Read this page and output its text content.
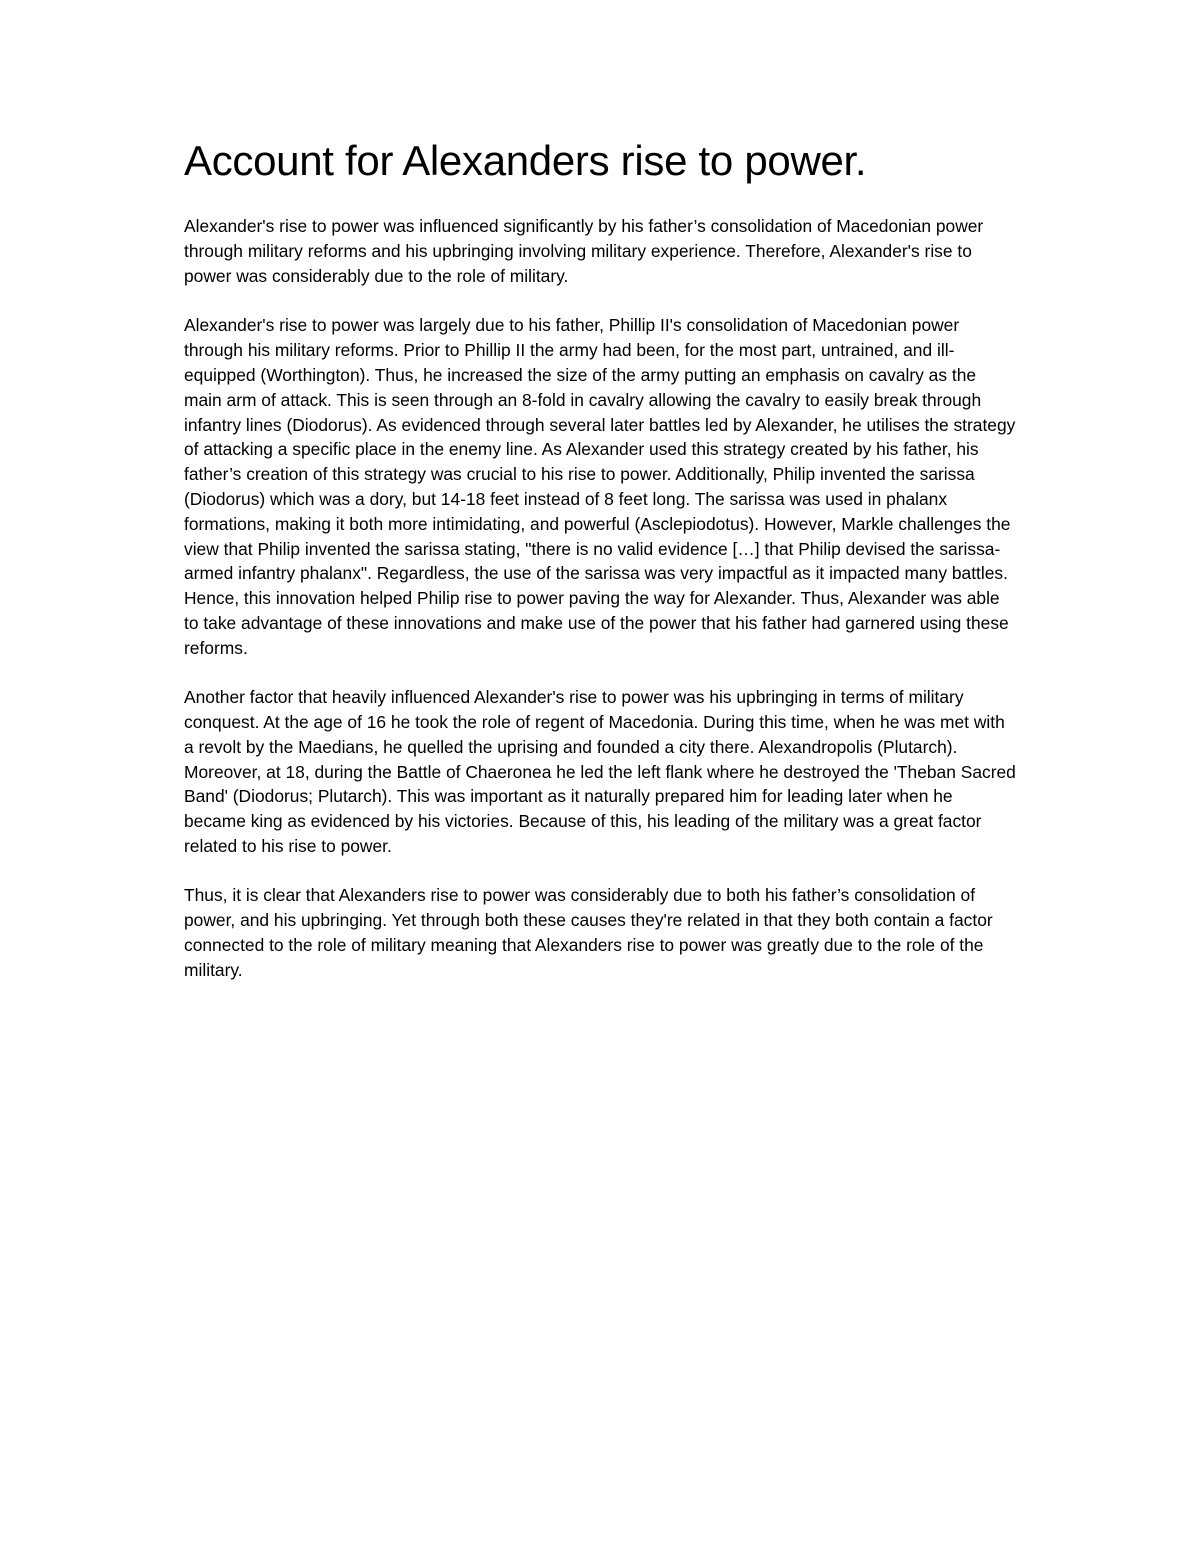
Account for Alexanders rise to power.

Alexander's rise to power was influenced significantly by his father’s consolidation of Macedonian power through military reforms and his upbringing involving military experience. Therefore, Alexander's rise to power was considerably due to the role of military.

Alexander's rise to power was largely due to his father, Phillip II's consolidation of Macedonian power through his military reforms. Prior to Phillip II the army had been, for the most part, untrained, and ill-equipped (Worthington). Thus, he increased the size of the army putting an emphasis on cavalry as the main arm of attack. This is seen through an 8-fold in cavalry allowing the cavalry to easily break through infantry lines (Diodorus). As evidenced through several later battles led by Alexander, he utilises the strategy of attacking a specific place in the enemy line. As Alexander used this strategy created by his father, his father’s creation of this strategy was crucial to his rise to power. Additionally, Philip invented the sarissa (Diodorus) which was a dory, but 14-18 feet instead of 8 feet long. The sarissa was used in phalanx formations, making it both more intimidating, and powerful (Asclepiodotus). However, Markle challenges the view that Philip invented the sarissa stating, "there is no valid evidence […] that Philip devised the sarissa-armed infantry phalanx". Regardless, the use of the sarissa was very impactful as it impacted many battles. Hence, this innovation helped Philip rise to power paving the way for Alexander. Thus, Alexander was able to take advantage of these innovations and make use of the power that his father had garnered using these reforms.

Another factor that heavily influenced Alexander's rise to power was his upbringing in terms of military conquest. At the age of 16 he took the role of regent of Macedonia. During this time, when he was met with a revolt by the Maedians, he quelled the uprising and founded a city there. Alexandropolis (Plutarch). Moreover, at 18, during the Battle of Chaeronea he led the left flank where he destroyed the 'Theban Sacred Band' (Diodorus; Plutarch). This was important as it naturally prepared him for leading later when he became king as evidenced by his victories. Because of this, his leading of the military was a great factor related to his rise to power.

Thus, it is clear that Alexanders rise to power was considerably due to both his father’s consolidation of power, and his upbringing. Yet through both these causes they're related in that they both contain a factor connected to the role of military meaning that Alexanders rise to power was greatly due to the role of the military.
